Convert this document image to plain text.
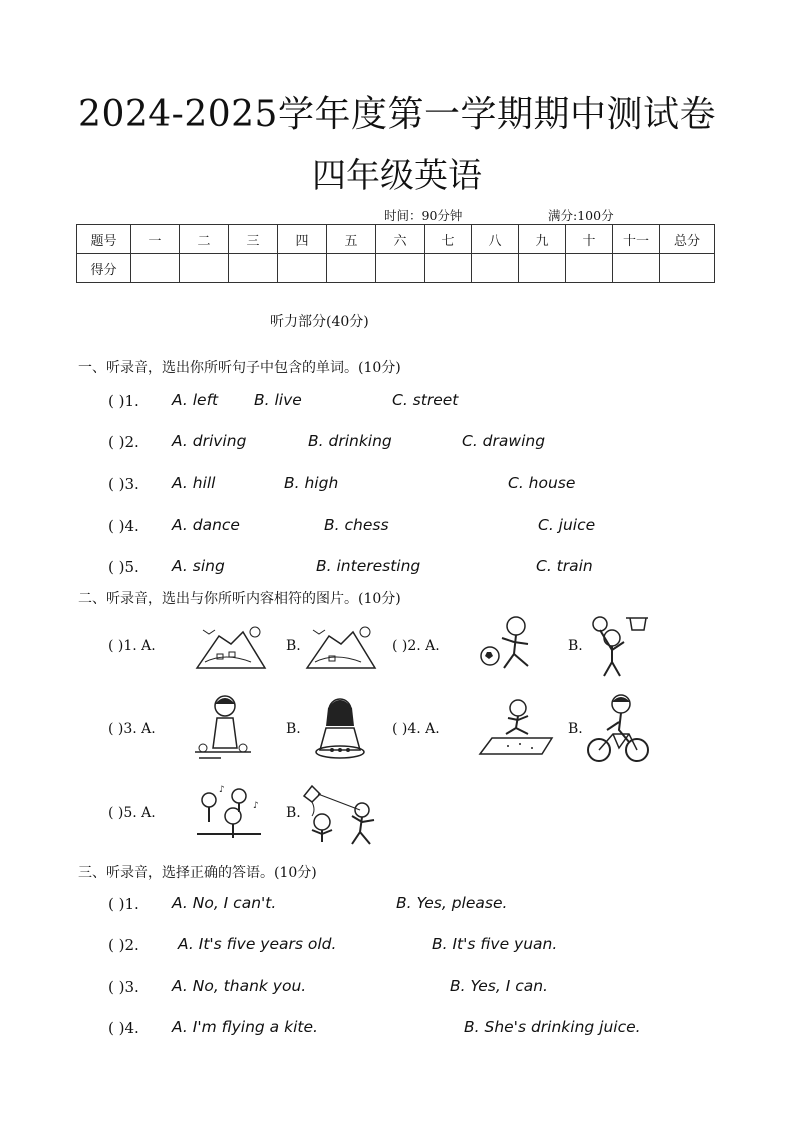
2024-2025学年度第一学期期中测试卷
四年级英语
时间：90分钟	满分:100分
题号	一	二	三	四	五	六	七	八	九	十	十一	总分
得分												
听力部分(40分)
一、听录音，选出你所听句子中包含的单词。(10分)
( )1. A. left B. live	C. street
( )2. A. driving	B. drinking	C. drawing
( )3. A. hill	B. high	C. house
( )4. A. dance	B. chess	C. juice
( )5. A. sing	B. interesting	C. train
二、听录音，选出与你所听内容相符的图片。(10分)
( )1. A.	B.	( )2. A.	B.
( )3. A.	B.	( )4. A.	B.
( )5. A.
♪
♪ B.
三、听录音，选择正确的答语。(10分)
( )1. A. No, I can't.	B. Yes, please.
( )2.	A. It's five years old.	B. It's five yuan.
( )3. A. No, thank you.	B. Yes, I can.
( )4. A. I'm flying a kite.	B. She's drinking juice.
